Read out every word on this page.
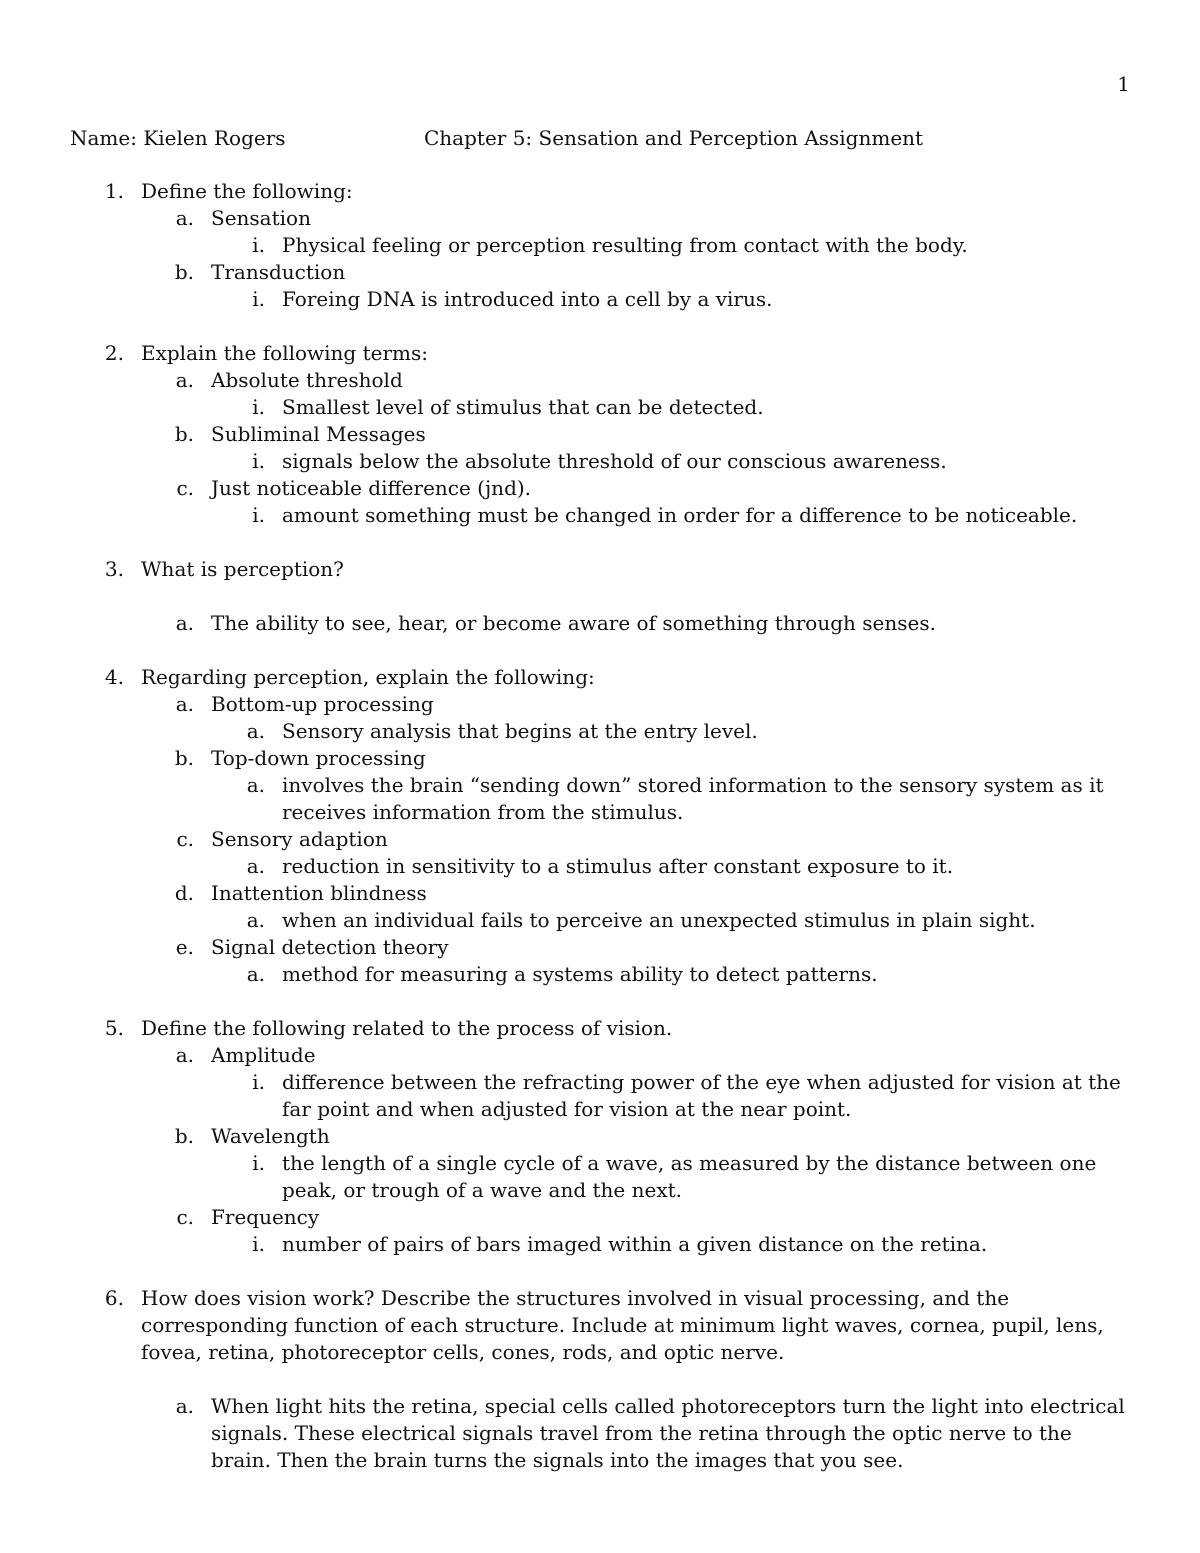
1
Name: Kielen Rogers	Chapter 5: Sensation and Perception Assignment
1. Define the following:
a. Sensation
i. Physical feeling or perception resulting from contact with the body.
b. Transduction
i. Foreing DNA is introduced into a cell by a virus.
2. Explain the following terms:
a. Absolute threshold
i. Smallest level of stimulus that can be detected.
b. Subliminal Messages
i. signals below the absolute threshold of our conscious awareness.
c. Just noticeable difference (jnd).
i. amount something must be changed in order for a difference to be noticeable.
3. What is perception?
a. The ability to see, hear, or become aware of something through senses.
4. Regarding perception, explain the following:
a. Bottom-up processing
a. Sensory analysis that begins at the entry level.
b. Top-down processing
a. involves the brain “sending down” stored information to the sensory system as it receives information from the stimulus.
c. Sensory adaption
a. reduction in sensitivity to a stimulus after constant exposure to it.
d. Inattention blindness
a. when an individual fails to perceive an unexpected stimulus in plain sight.
e. Signal detection theory
a. method for measuring a systems ability to detect patterns.
5. Define the following related to the process of vision.
a. Amplitude
i. difference between the refracting power of the eye when adjusted for vision at the far point and when adjusted for vision at the near point.
b. Wavelength
i. the length of a single cycle of a wave, as measured by the distance between one peak, or trough of a wave and the next.
c. Frequency
i. number of pairs of bars imaged within a given distance on the retina.
6. How does vision work? Describe the structures involved in visual processing, and the corresponding function of each structure. Include at minimum light waves, cornea, pupil, lens, fovea, retina, photoreceptor cells, cones, rods, and optic nerve.
a. When light hits the retina, special cells called photoreceptors turn the light into electrical signals. These electrical signals travel from the retina through the optic nerve to the brain. Then the brain turns the signals into the images that you see.
